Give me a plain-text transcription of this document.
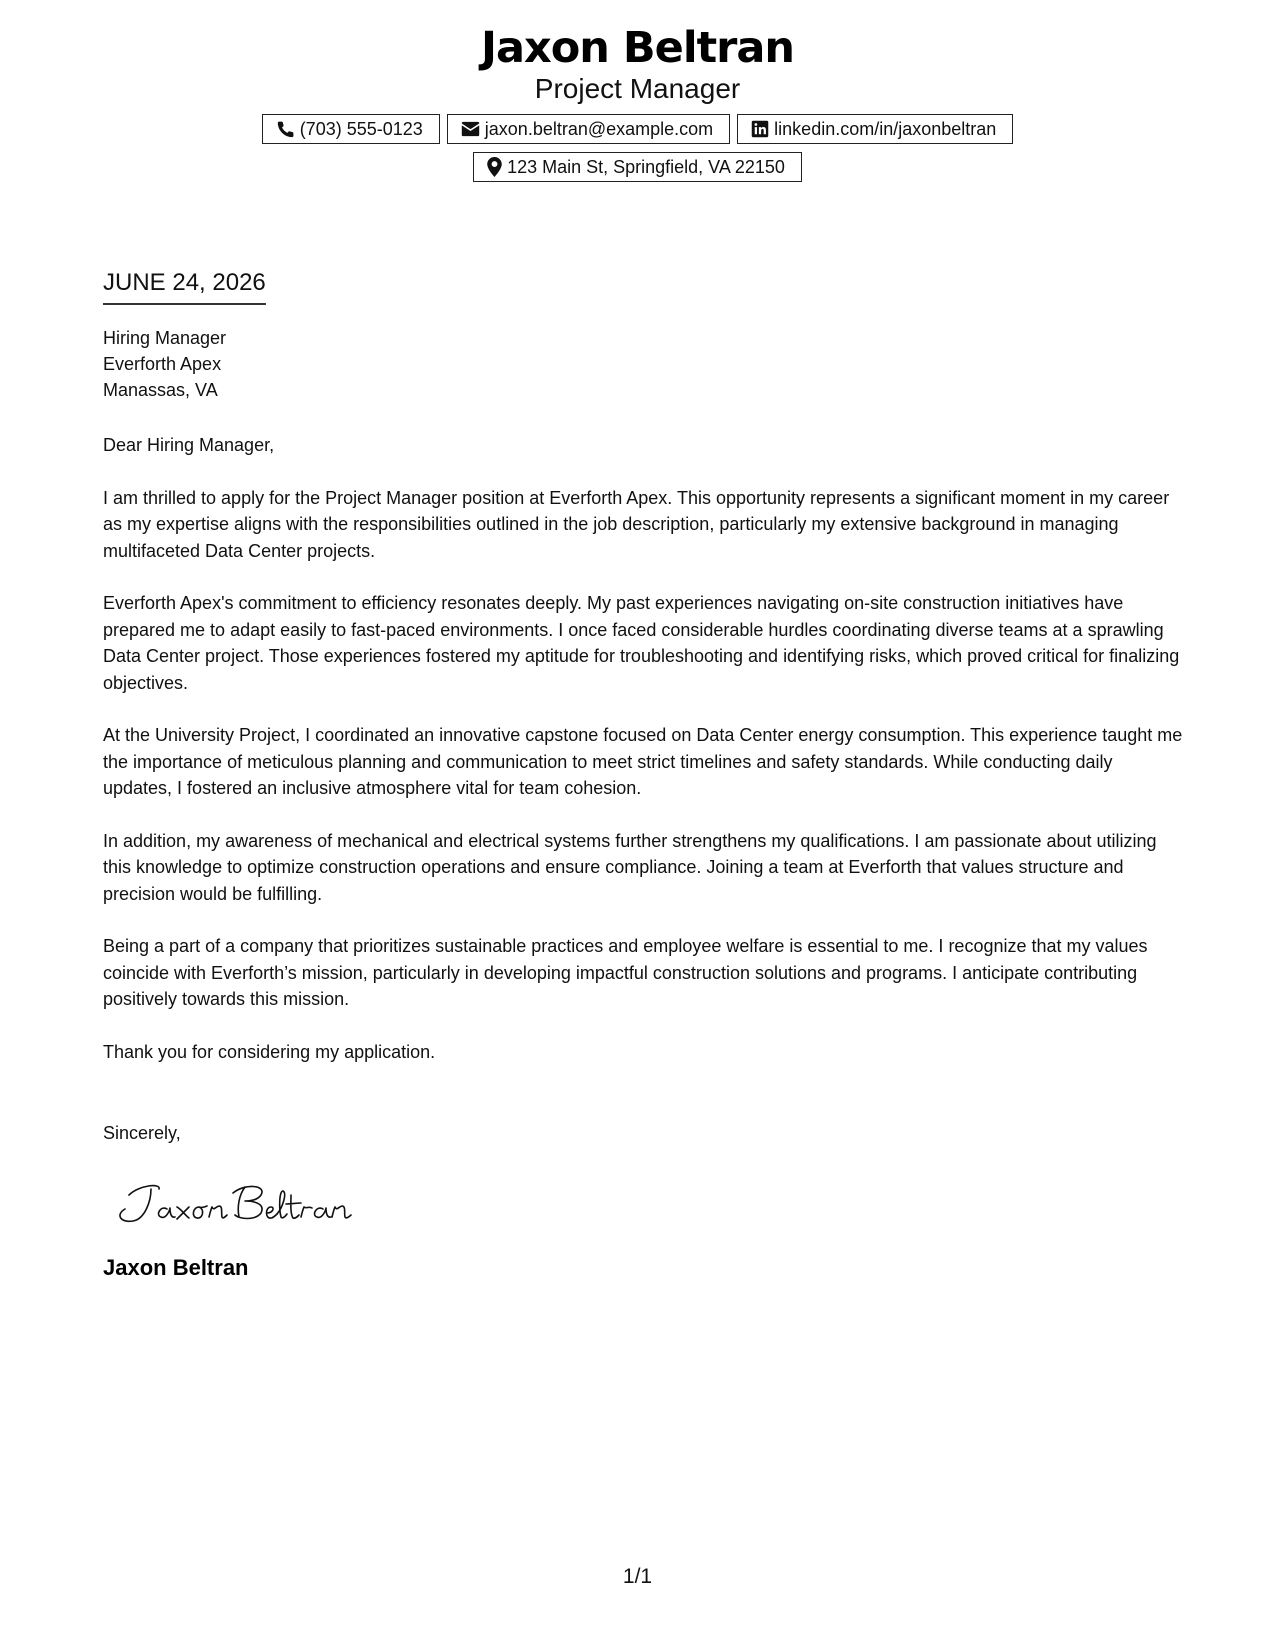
Jaxon Beltran
Project Manager
(703) 555-0123	jaxon.beltran@example.com	linkedin.com/in/jaxonbeltran
123 Main St, Springfield, VA 22150
JUNE 24, 2026
Hiring Manager
Everforth Apex
Manassas, VA

Dear Hiring Manager,

I am thrilled to apply for the Project Manager position at Everforth Apex. This opportunity represents a significant moment in my career as my expertise aligns with the responsibilities outlined in the job description, particularly my extensive background in managing multifaceted Data Center projects.

Everforth Apex's commitment to efficiency resonates deeply. My past experiences navigating on-site construction initiatives have prepared me to adapt easily to fast-paced environments. I once faced considerable hurdles coordinating diverse teams at a sprawling Data Center project. Those experiences fostered my aptitude for troubleshooting and identifying risks, which proved critical for finalizing objectives.

At the University Project, I coordinated an innovative capstone focused on Data Center energy consumption. This experience taught me the importance of meticulous planning and communication to meet strict timelines and safety standards. While conducting daily updates, I fostered an inclusive atmosphere vital for team cohesion.

In addition, my awareness of mechanical and electrical systems further strengthens my qualifications. I am passionate about utilizing this knowledge to optimize construction operations and ensure compliance. Joining a team at Everforth that values structure and precision would be fulfilling.

Being a part of a company that prioritizes sustainable practices and employee welfare is essential to me. I recognize that my values coincide with Everforth’s mission, particularly in developing impactful construction solutions and programs. I anticipate contributing positively towards this mission.

Thank you for considering my application.

Sincerely,
Jaxon Beltran
1/1
